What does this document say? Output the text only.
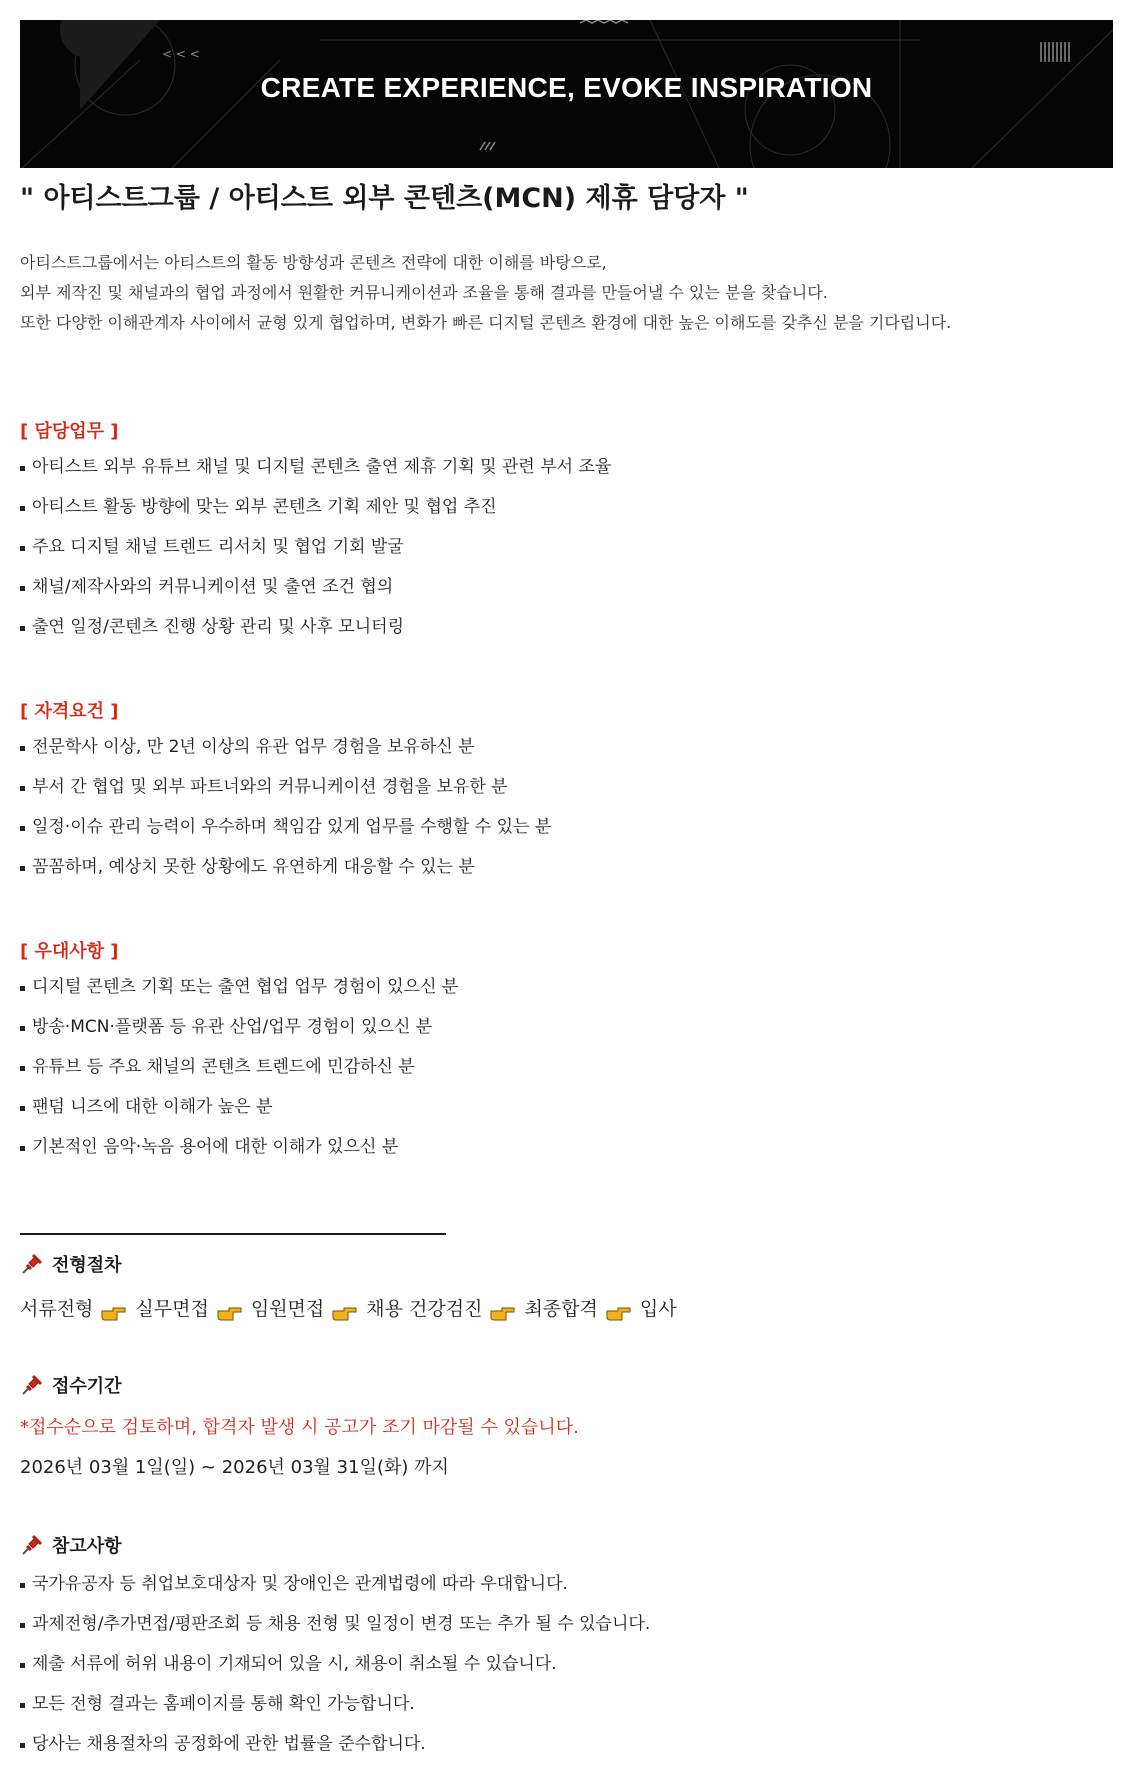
< < <
CREATE EXPERIENCE, EVOKE INSPIRATION
" 아티스트그룹 / 아티스트 외부 콘텐츠(MCN) 제휴 담당자 "

아티스트그룹에서는 아티스트의 활동 방향성과 콘텐츠 전략에 대한 이해를 바탕으로,

외부 제작진 및 채널과의 협업 과정에서 원활한 커뮤니케이션과 조율을 통해 결과를 만들어낼 수 있는 분을 찾습니다.

또한 다양한 이해관계자 사이에서 균형 있게 협업하며, 변화가 빠른 디지털 콘텐츠 환경에 대한 높은 이해도를 갖추신 분을 기다립니다.

[ 담당업무 ]
아티스트 외부 유튜브 채널 및 디지털 콘텐츠 출연 제휴 기획 및 관련 부서 조율
아티스트 활동 방향에 맞는 외부 콘텐츠 기획 제안 및 협업 추진
주요 디지털 채널 트렌드 리서치 및 협업 기회 발굴
채널/제작사와의 커뮤니케이션 및 출연 조건 협의
출연 일정/콘텐츠 진행 상황 관리 및 사후 모니터링
[ 자격요건 ]
전문학사 이상, 만 2년 이상의 유관 업무 경험을 보유하신 분
부서 간 협업 및 외부 파트너와의 커뮤니케이션 경험을 보유한 분
일정·이슈 관리 능력이 우수하며 책임감 있게 업무를 수행할 수 있는 분
꼼꼼하며, 예상치 못한 상황에도 유연하게 대응할 수 있는 분
[ 우대사항 ]
디지털 콘텐츠 기획 또는 출연 협업 업무 경험이 있으신 분
방송·MCN·플랫폼 등 유관 산업/업무 경험이 있으신 분
유튜브 등 주요 채널의 콘텐츠 트렌드에 민감하신 분
팬덤 니즈에 대한 이해가 높은 분
기본적인 음악·녹음 용어에 대한 이해가 있으신 분
전형절차
서류전형 실무면접 임원면접 채용 건강검진 최종합격 입사
접수기간
*접수순으로 검토하며, 합격자 발생 시 공고가 조기 마감될 수 있습니다.
2026년 03월 1일(일) ~ 2026년 03월 31일(화) 까지
참고사항
국가유공자 등 취업보호대상자 및 장애인은 관계법령에 따라 우대합니다.
과제전형/추가면접/평판조회 등 채용 전형 및 일정이 변경 또는 추가 될 수 있습니다.
제출 서류에 허위 내용이 기재되어 있을 시, 채용이 취소될 수 있습니다.
모든 전형 결과는 홈페이지를 통해 확인 가능합니다.
당사는 채용절차의 공정화에 관한 법률을 준수합니다.
